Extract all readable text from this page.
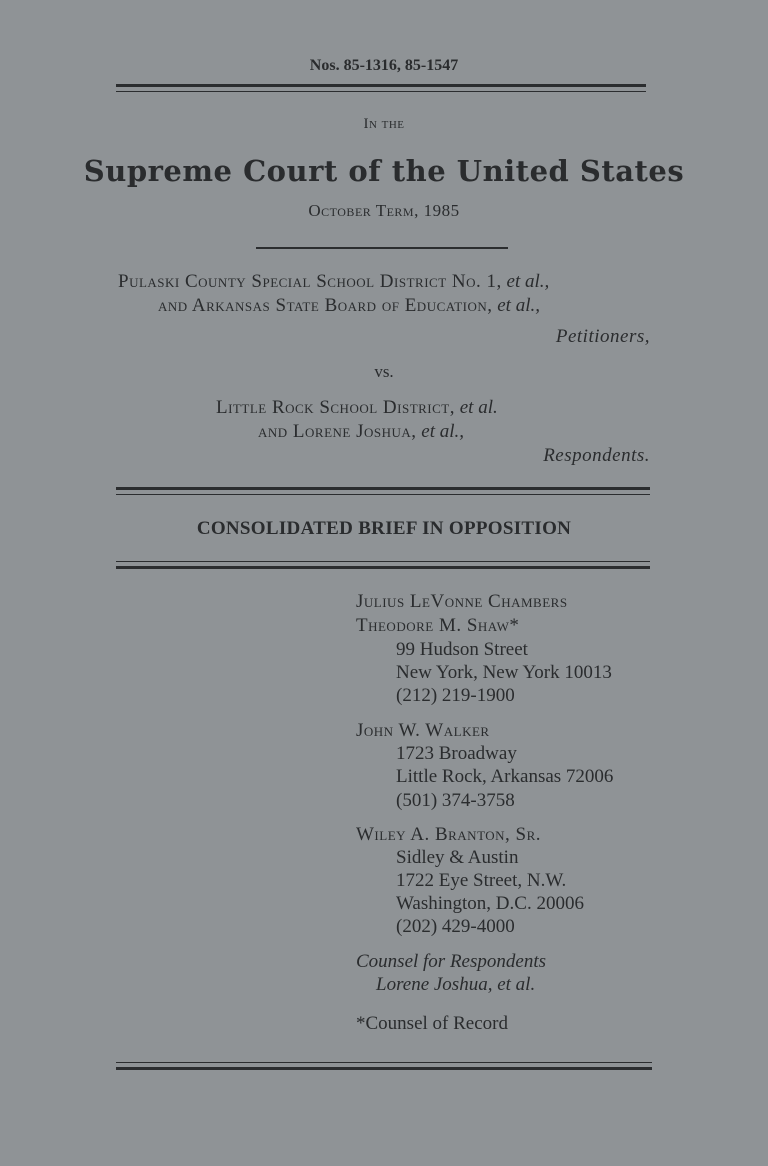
Nos. 85-1316, 85-1547
In the
Supreme Court of the United States
October Term, 1985
Pulaski County Special School District No. 1, et al.,
and Arkansas State Board of Education, et al.,
Petitioners,
vs.
Little Rock School District, et al.
and Lorene Joshua, et al.,
Respondents.
CONSOLIDATED BRIEF IN OPPOSITION
Julius LeVonne Chambers
Theodore M. Shaw*
99 Hudson Street
New York, New York 10013
(212) 219-1900
John W. Walker
1723 Broadway
Little Rock, Arkansas 72006
(501) 374-3758
Wiley A. Branton, Sr.
Sidley & Austin
1722 Eye Street, N.W.
Washington, D.C. 20006
(202) 429-4000
Counsel for Respondents
Lorene Joshua, et al.
*Counsel of Record
